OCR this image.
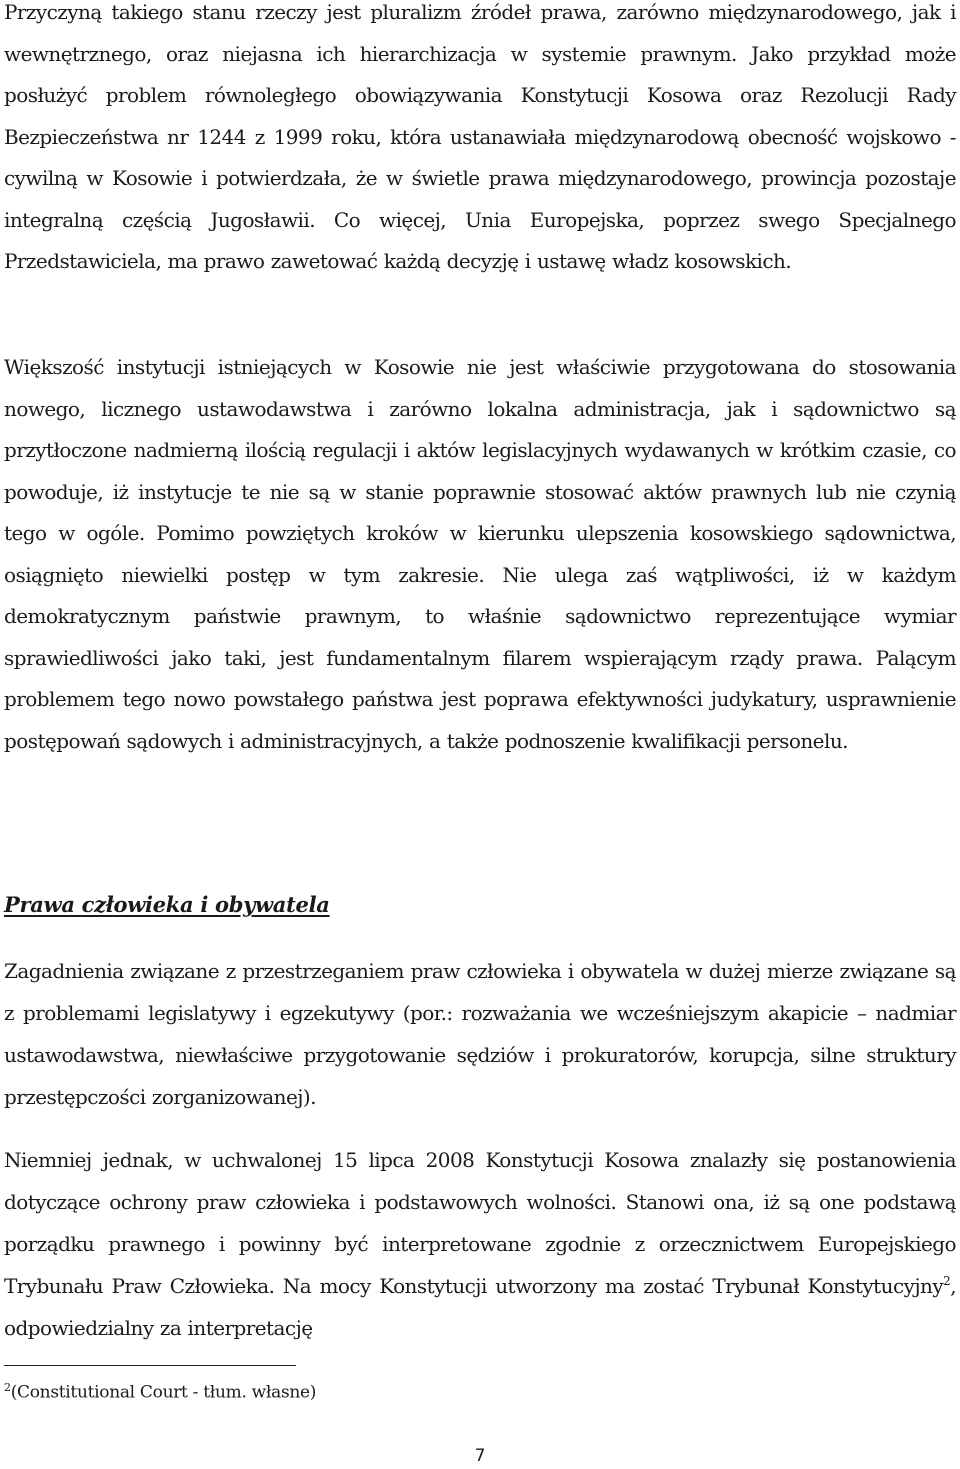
Przyczyną takiego stanu rzeczy jest pluralizm źródeł prawa, zarówno międzynarodowego, jak i wewnętrznego, oraz niejasna ich hierarchizacja w systemie prawnym. Jako przykład może posłużyć problem równoległego obowiązywania Konstytucji Kosowa oraz Rezolucji Rady Bezpieczeństwa nr 1244 z 1999 roku, która ustanawiała międzynarodową obecność wojskowo - cywilną w Kosowie i potwierdzała, że w świetle prawa międzynarodowego, prowincja pozostaje integralną częścią Jugosławii. Co więcej, Unia Europejska, poprzez swego Specjalnego Przedstawiciela, ma prawo zawetować każdą decyzję i ustawę władz kosowskich.

Większość instytucji istniejących w Kosowie nie jest właściwie przygotowana do stosowania nowego, licznego ustawodawstwa i zarówno lokalna administracja, jak i sądownictwo są przytłoczone nadmierną ilością regulacji i aktów legislacyjnych wydawanych w krótkim czasie, co powoduje, iż instytucje te nie są w stanie poprawnie stosować aktów prawnych lub nie czynią tego w ogóle. Pomimo powziętych kroków w kierunku ulepszenia kosowskiego sądownictwa, osiągnięto niewielki postęp w tym zakresie. Nie ulega zaś wątpliwości, iż w każdym demokratycznym państwie prawnym, to właśnie sądownictwo reprezentujące wymiar sprawiedliwości jako taki, jest fundamentalnym filarem wspierającym rządy prawa. Palącym problemem tego nowo powstałego państwa jest poprawa efektywności judykatury, usprawnienie postępowań sądowych i administracyjnych, a także podnoszenie kwalifikacji personelu.

Prawa człowieka i obywatela

Zagadnienia związane z przestrzeganiem praw człowieka i obywatela w dużej mierze związane są z problemami legislatywy i egzekutywy (por.: rozważania we wcześniejszym akapicie – nadmiar ustawodawstwa, niewłaściwe przygotowanie sędziów i prokuratorów, korupcja, silne struktury przestępczości zorganizowanej).

Niemniej jednak, w uchwalonej 15 lipca 2008 Konstytucji Kosowa znalazły się postanowienia dotyczące ochrony praw człowieka i podstawowych wolności. Stanowi ona, iż są one podstawą porządku prawnego i powinny być interpretowane zgodnie z orzecznictwem Europejskiego Trybunału Praw Człowieka. Na mocy Konstytucji utworzony ma zostać Trybunał Konstytucyjny$^2$, odpowiedzialny za interpretację

$^2$(Constitutional Court - tłum. własne)

7
